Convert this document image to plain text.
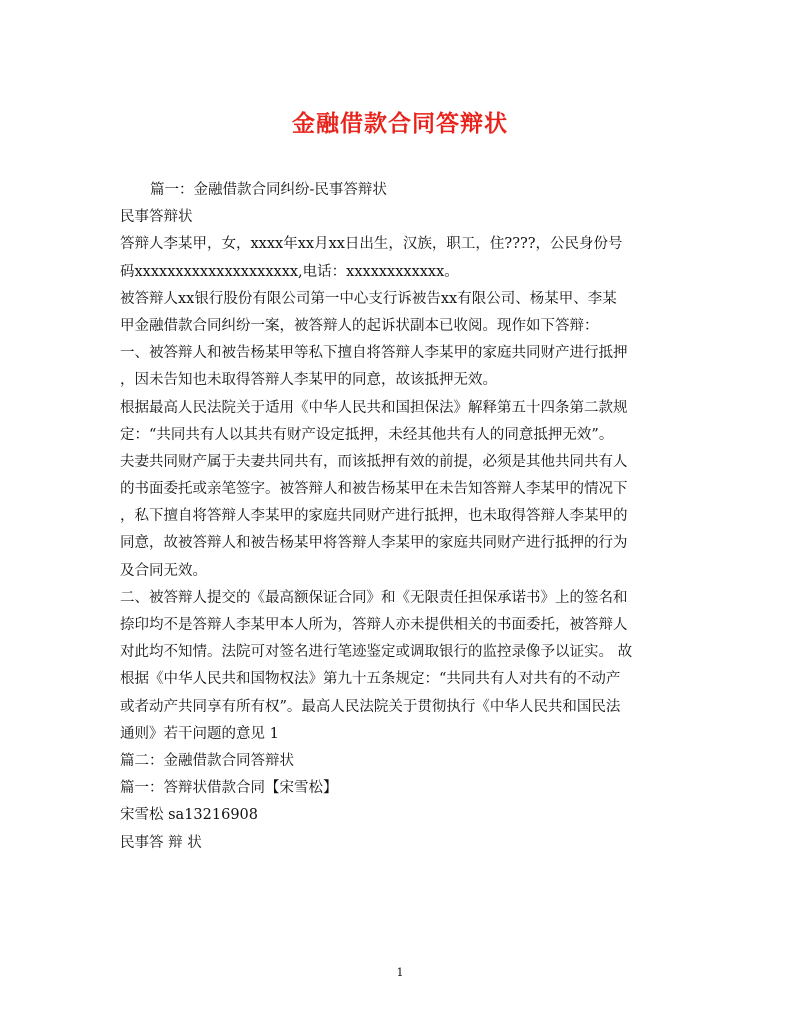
金融借款合同答辩状
篇一：金融借款合同纠纷-民事答辩状
民事答辩状
答辩人李某甲，女，xxxx年xx月xx日出生，汉族，职工，住????，公民身份号
码xxxxxxxxxxxxxxxxxxxx,电话：xxxxxxxxxxxx。
被答辩人xx银行股份有限公司第一中心支行诉被告xx有限公司、杨某甲、李某
甲金融借款合同纠纷一案，被答辩人的起诉状副本已收阅。现作如下答辩：
一、被答辩人和被告杨某甲等私下擅自将答辩人李某甲的家庭共同财产进行抵押
，因未告知也未取得答辩人李某甲的同意，故该抵押无效。
根据最高人民法院关于适用《中华人民共和国担保法》解释第五十四条第二款规
定：“共同共有人以其共有财产设定抵押，未经其他共有人的同意抵押无效”。
夫妻共同财产属于夫妻共同共有，而该抵押有效的前提，必须是其他共同共有人
的书面委托或亲笔签字。被答辩人和被告杨某甲在未告知答辩人李某甲的情况下
，私下擅自将答辩人李某甲的家庭共同财产进行抵押，也未取得答辩人李某甲的
同意，故被答辩人和被告杨某甲将答辩人李某甲的家庭共同财产进行抵押的行为
及合同无效。
二、被答辩人提交的《最高额保证合同》和《无限责任担保承诺书》上的签名和
捺印均不是答辩人李某甲本人所为，答辩人亦未提供相关的书面委托，被答辩人
对此均不知情。法院可对签名进行笔迹鉴定或调取银行的监控录像予以证实。 故
根据《中华人民共和国物权法》第九十五条规定：“共同共有人对共有的不动产
或者动产共同享有所有权”。最高人民法院关于贯彻执行《中华人民共和国民法
通则》若干问题的意见 1
篇二：金融借款合同答辩状
篇一：答辩状借款合同【宋雪松】
宋雪松 sa13216908
民事答 辩 状
1
